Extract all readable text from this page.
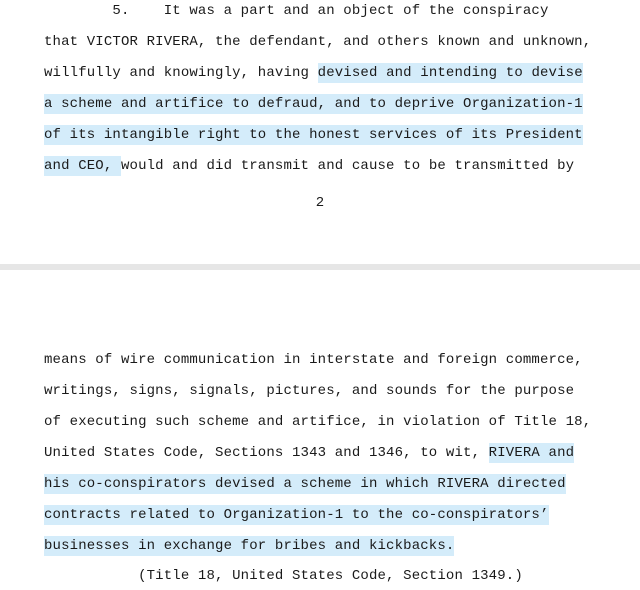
5.    It was a part and an object of the conspiracy
that VICTOR RIVERA, the defendant, and others known and unknown,
willfully and knowingly, having devised and intending to devise
a scheme and artifice to defraud, and to deprive Organization-1
of its intangible right to the honest services of its President
and CEO, would and did transmit and cause to be transmitted by
2
means of wire communication in interstate and foreign commerce,
writings, signs, signals, pictures, and sounds for the purpose
of executing such scheme and artifice, in violation of Title 18,
United States Code, Sections 1343 and 1346, to wit, RIVERA and
his co-conspirators devised a scheme in which RIVERA directed
contracts related to Organization-1 to the co-conspirators’
businesses in exchange for bribes and kickbacks.
(Title 18, United States Code, Section 1349.)
